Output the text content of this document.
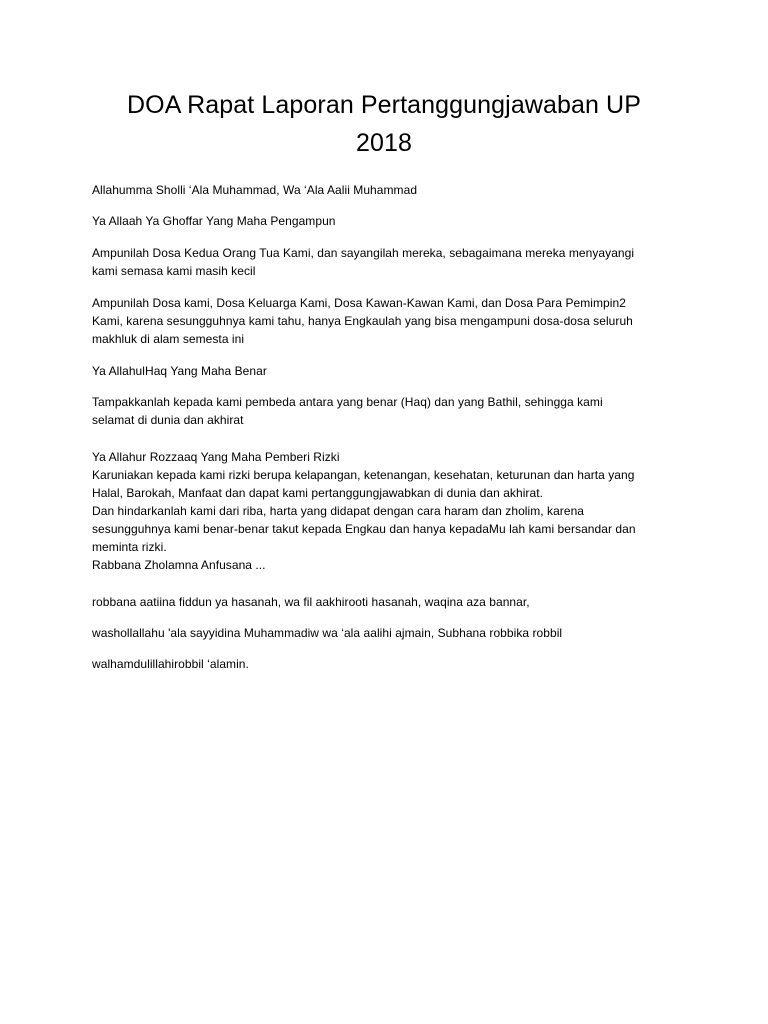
DOA Rapat Laporan Pertanggungjawaban UP
2018

Allahumma Sholli ‘Ala Muhammad, Wa ‘Ala Aalii Muhammad

Ya Allaah Ya Ghoffar Yang Maha Pengampun

Ampunilah Dosa Kedua Orang Tua Kami, dan sayangilah mereka, sebagaimana mereka menyayangi
kami semasa kami masih kecil

Ampunilah Dosa kami, Dosa Keluarga Kami, Dosa Kawan-Kawan Kami, dan Dosa Para Pemimpin2
Kami, karena sesungguhnya kami tahu, hanya Engkaulah yang bisa mengampuni dosa-dosa seluruh
makhluk di alam semesta ini

Ya AllahulHaq Yang Maha Benar

Tampakkanlah kepada kami pembeda antara yang benar (Haq) dan yang Bathil, sehingga kami
selamat di dunia dan akhirat

Ya Allahur Rozzaaq Yang Maha Pemberi Rizki
Karuniakan kepada kami rizki berupa kelapangan, ketenangan, kesehatan, keturunan dan harta yang
Halal, Barokah, Manfaat dan dapat kami pertanggungjawabkan di dunia dan akhirat.
Dan hindarkanlah kami dari riba, harta yang didapat dengan cara haram dan zholim, karena
sesungguhnya kami benar-benar takut kepada Engkau dan hanya kepadaMu lah kami bersandar dan
meminta rizki.
Rabbana Zholamna Anfusana ...

robbana aatiina fiddun ya hasanah, wa fil aakhirooti hasanah, waqina aza bannar,

washollallahu 'ala sayyidina Muhammadiw wa ‘ala aalihi ajmain, Subhana robbika robbil

walhamdulillahirobbil ‘alamin.
